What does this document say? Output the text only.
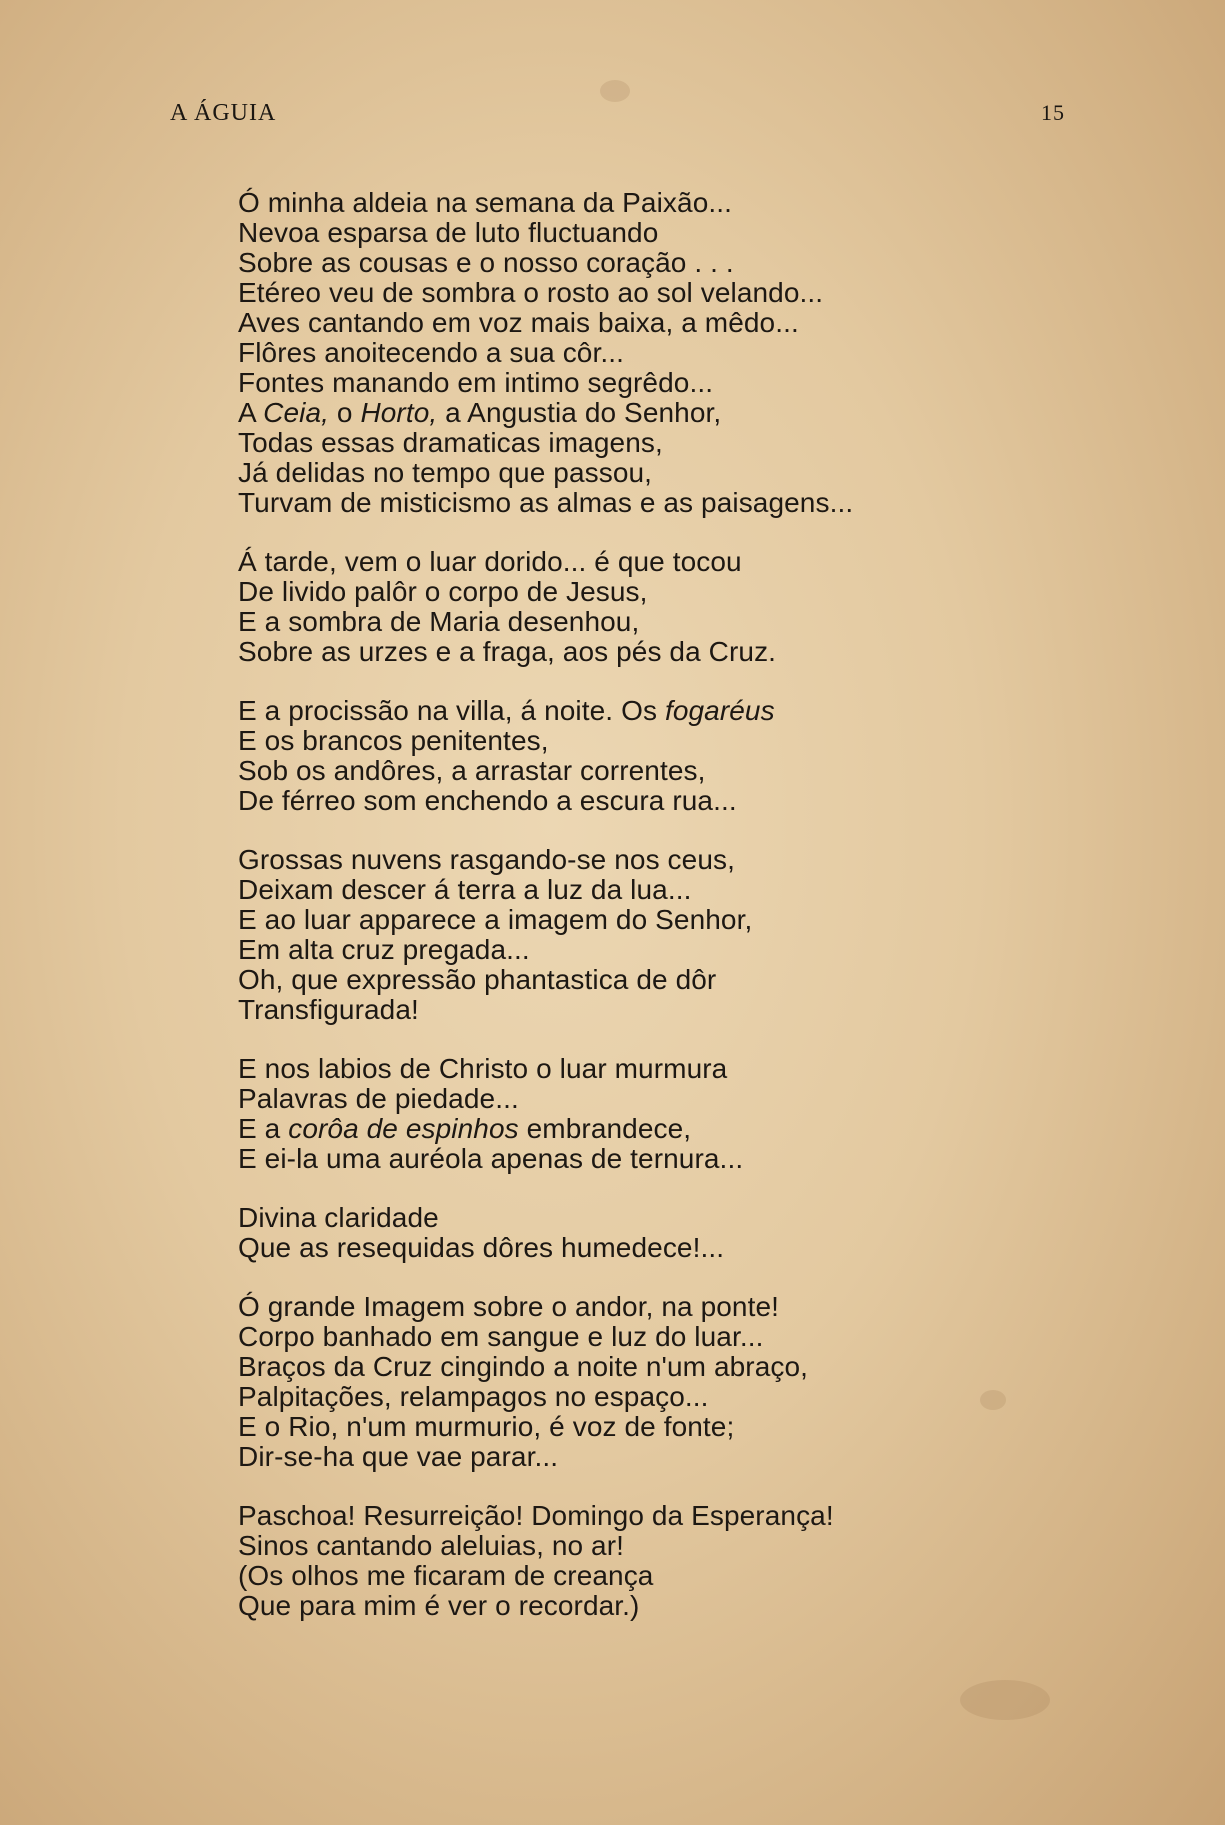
A ÁGUIA	15
Ó minha aldeia na semana da Paixão...
Nevoa esparsa de luto fluctuando
Sobre as cousas e o nosso coração . . .
Etéreo veu de sombra o rosto ao sol velando...
Aves cantando em voz mais baixa, a mêdo...
Flôres anoitecendo a sua côr...
Fontes manando em intimo segrêdo...
A Ceia, o Horto, a Angustia do Senhor,
Todas essas dramaticas imagens,
Já delidas no tempo que passou,
Turvam de misticismo as almas e as paisagens...
Á tarde, vem o luar dorido... é que tocou
De livido palôr o corpo de Jesus,
E a sombra de Maria desenhou,
Sobre as urzes e a fraga, aos pés da Cruz.
E a procissão na villa, á noite. Os fogaréus
E os brancos penitentes,
Sob os andôres, a arrastar correntes,
De férreo som enchendo a escura rua...
Grossas nuvens rasgando-se nos ceus,
Deixam descer á terra a luz da lua...
E ao luar apparece a imagem do Senhor,
Em alta cruz pregada...
Oh, que expressão phantastica de dôr
Transfigurada!
E nos labios de Christo o luar murmura
Palavras de piedade...
E a corôa de espinhos embrandece,
E ei-la uma auréola apenas de ternura...
Divina claridade
Que as resequidas dôres humedece!...
Ó grande Imagem sobre o andor, na ponte!
Corpo banhado em sangue e luz do luar...
Braços da Cruz cingindo a noite n'um abraço,
Palpitações, relampagos no espaço...
E o Rio, n'um murmurio, é voz de fonte;
Dir-se-ha que vae parar...
Paschoa! Resurreição! Domingo da Esperança!
Sinos cantando aleluias, no ar!
(Os olhos me ficaram de creança
Que para mim é ver o recordar.)
